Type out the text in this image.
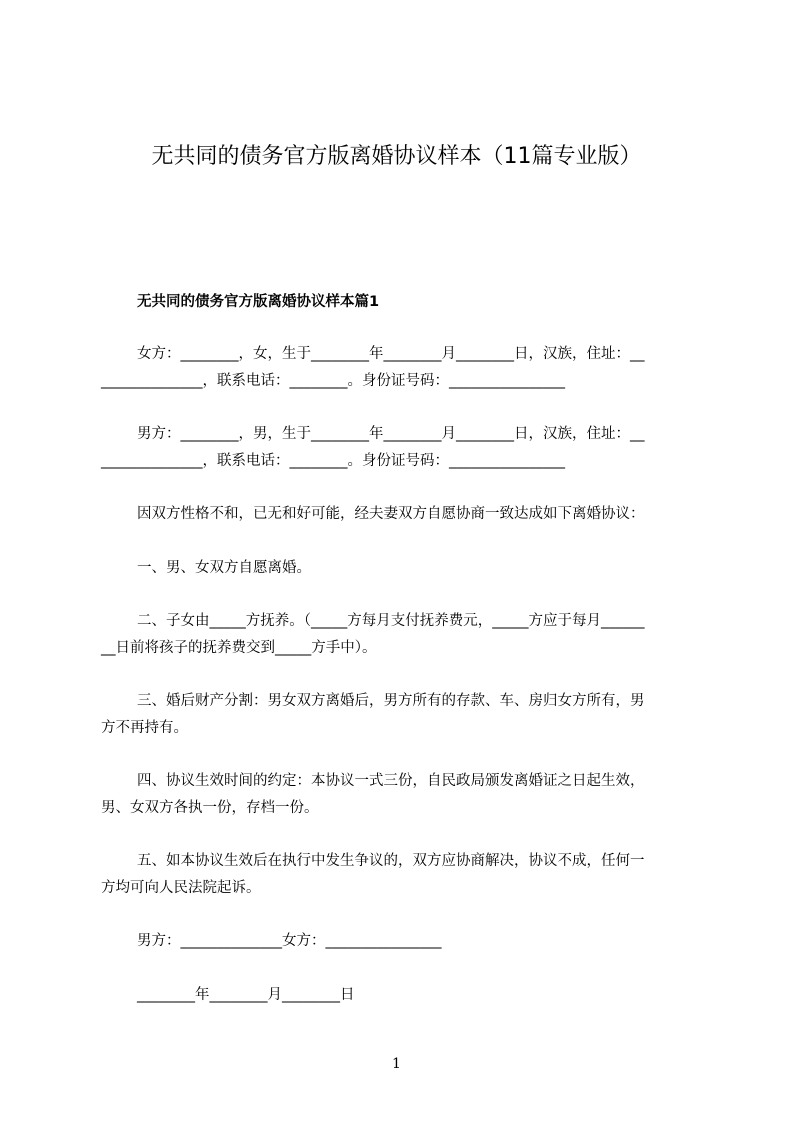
无共同的债务官方版离婚协议样本（11篇专业版）
无共同的债务官方版离婚协议样本篇1
女方：________，女，生于________年________月________日，汉族，住址：__
______________，联系电话：________。身份证号码：________________
男方：________，男，生于________年________月________日，汉族，住址：__
______________，联系电话：________。身份证号码：________________
因双方性格不和，已无和好可能，经夫妻双方自愿协商一致达成如下离婚协议：
一、男、女双方自愿离婚。
二、子女由_____方抚养。（_____方每月支付抚养费元，_____方应于每月______
__日前将孩子的抚养费交到_____方手中）。
三、婚后财产分割：男女双方离婚后，男方所有的存款、车、房归女方所有，男
方不再持有。
四、协议生效时间的约定：本协议一式三份，自民政局颁发离婚证之日起生效，
男、女双方各执一份，存档一份。
五、如本协议生效后在执行中发生争议的，双方应协商解决，协议不成，任何一
方均可向人民法院起诉。
男方：______________女方：________________
________年________月________日
1
